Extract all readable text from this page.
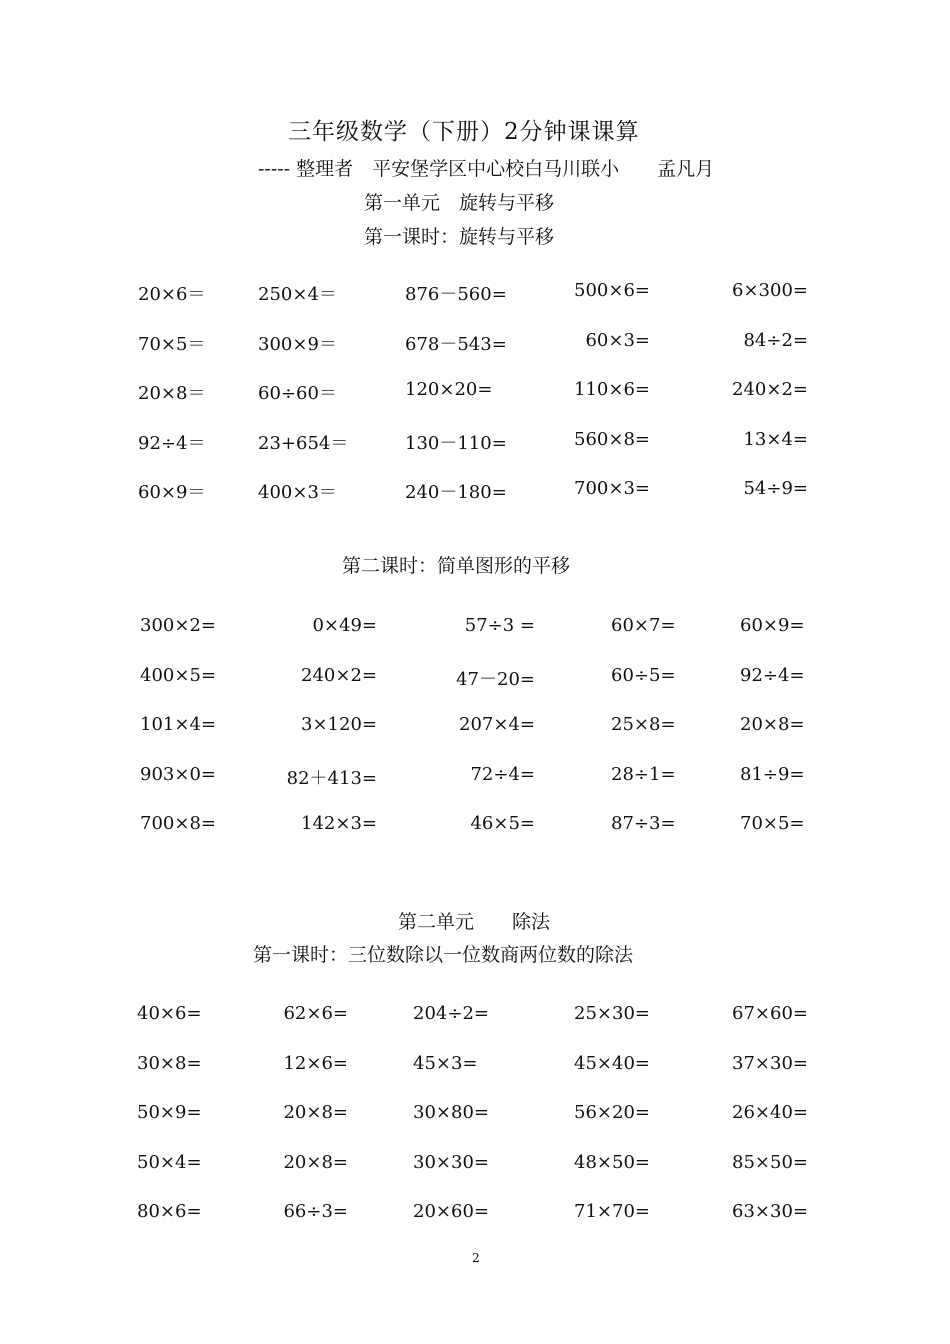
三年级数学（下册）2分钟课课算
----- 整理者　平安堡学区中心校白马川联小　　孟凡月
第一单元　旋转与平移
第一课时：旋转与平移
20×6＝	250×4＝	876－560=	500×6=	6×300=
70×5＝	300×9＝	678－543=	60×3=	84÷2=
20×8＝	60÷60＝	120×20=	110×6=	240×2=
92÷4＝	23+654＝	130－110=	560×8=	13×4=
60×9＝	400×3＝	240－180=	700×3=	54÷9=
第二课时：简单图形的平移
300×2=	0×49=	57÷3 =	60×7=	60×9=
400×5=	240×2=	47－20=	60÷5=	92÷4=
101×4=	3×120=	207×4=	25×8=	20×8=
903×0=	82＋413=	72÷4=	28÷1=	81÷9=
700×8=	142×3=	46×5=	87÷3=	70×5=
第二单元　　除法
第一课时：三位数除以一位数商两位数的除法
40×6=	62×6=	204÷2=	25×30=	67×60=
30×8=	12×6=	45×3=	45×40=	37×30=
50×9=	20×8=	30×80=	56×20=	26×40=
50×4=	20×8=	30×30=	48×50=	85×50=
80×6=	66÷3=	20×60=	71×70=	63×30=
2
